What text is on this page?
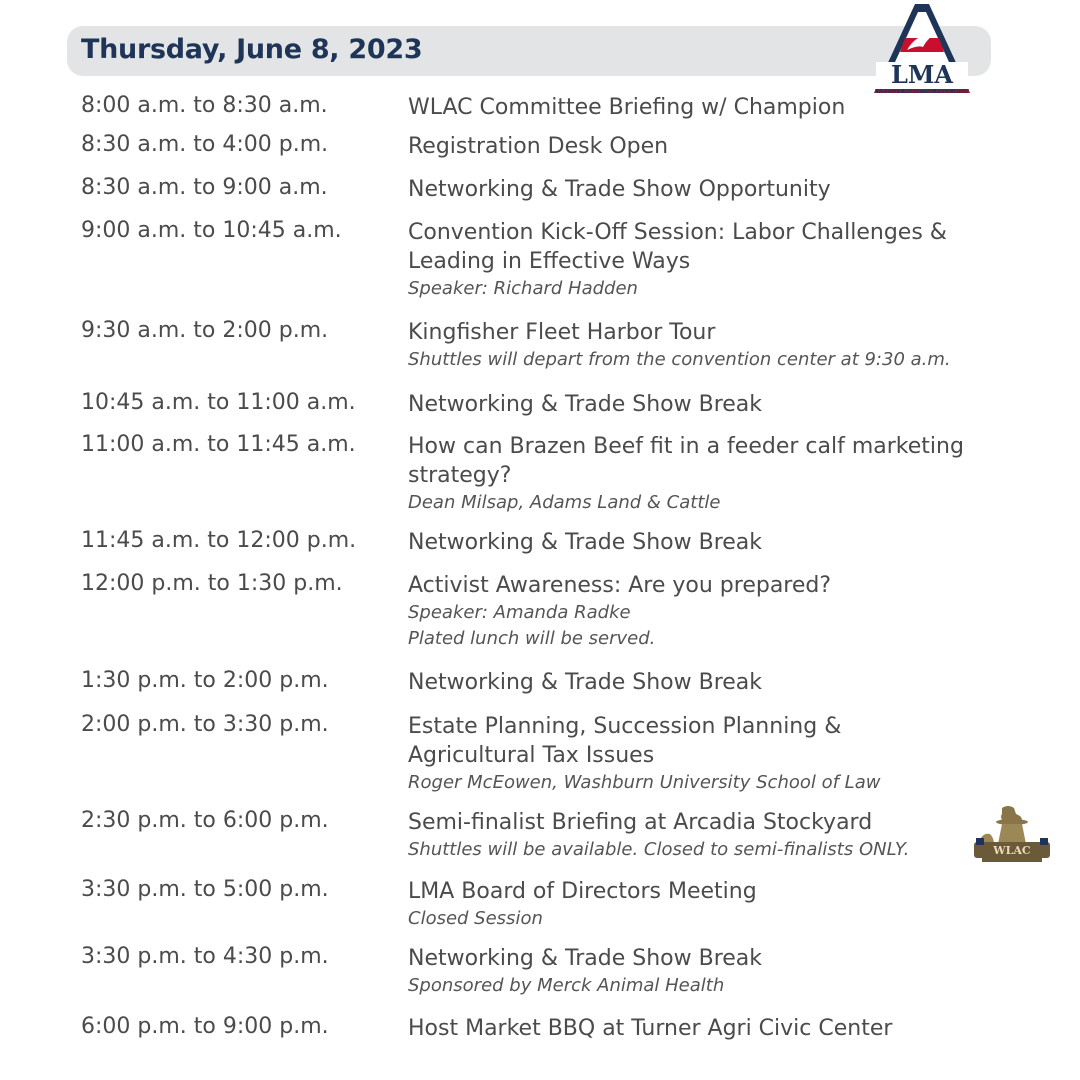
Thursday, June 8, 2023
LMA
LIVESTOCK MARKETING ASSOCIATION
8:00 a.m. to 8:30 a.m.	WLAC Committee Briefing w/ Champion
8:30 a.m. to 4:00 p.m.	Registration Desk Open
8:30 a.m. to 9:00 a.m.	Networking & Trade Show Opportunity
9:00 a.m. to 10:45 a.m.	Convention Kick-Off Session: Labor Challenges &
Leading in Effective Ways
Speaker: Richard Hadden
9:30 a.m. to 2:00 p.m.	Kingfisher Fleet Harbor Tour
Shuttles will depart from the convention center at 9:30 a.m.
10:45 a.m. to 11:00 a.m. Networking & Trade Show Break
11:00 a.m. to 11:45 a.m. How can Brazen Beef fit in a feeder calf marketing
strategy?
Dean Milsap, Adams Land & Cattle
11:45 a.m. to 12:00 p.m. Networking & Trade Show Break
12:00 p.m. to 1:30 p.m.	Activist Awareness: Are you prepared?
Speaker: Amanda Radke
Plated lunch will be served.
1:30 p.m. to 2:00 p.m.	Networking & Trade Show Break
2:00 p.m. to 3:30 p.m.	Estate Planning, Succession Planning &
Agricultural Tax Issues
Roger McEowen, Washburn University School of Law
2:30 p.m. to 6:00 p.m.	Semi-finalist Briefing at Arcadia Stockyard
Shuttles will be available. Closed to semi-finalists ONLY.
3:30 p.m. to 5:00 p.m.	LMA Board of Directors Meeting
Closed Session
3:30 p.m. to 4:30 p.m.	Networking & Trade Show Break
Sponsored by Merck Animal Health
6:00 p.m. to 9:00 p.m.	Host Market BBQ at Turner Agri Civic Center
WLAC
